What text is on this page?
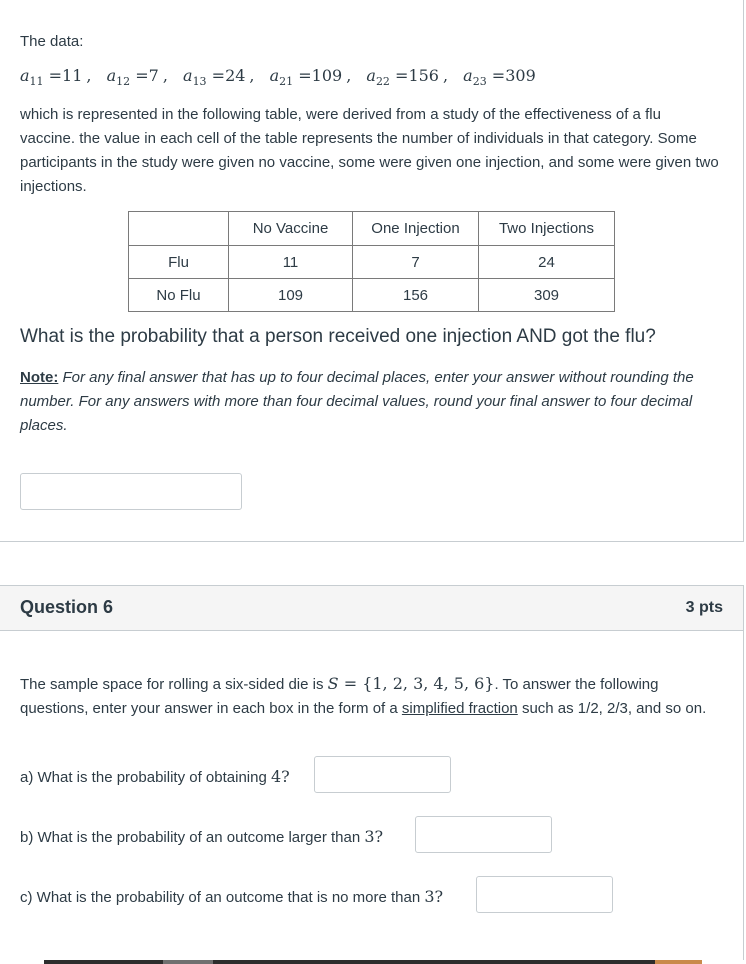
The data:
$a_{11} =11$ , $a_{12} =7$ , $a_{13} =24$ , $a_{21} =109$ , $a_{22} =156$ , $a_{23} =309$
which is represented in the following table, were derived from a study of the effectiveness of a flu vaccine. the value in each cell of the table represents the number of individuals in that category. Some participants in the study were given no vaccine, some were given one injection, and some were given two injections.
	No Vaccine	One Injection	Two Injections
Flu	11	7	24
No Flu	109	156	309
What is the probability that a person received one injection AND got the flu?
Note: For any final answer that has up to four decimal places, enter your answer without rounding the number. For any answers with more than four decimal values, round your final answer to four decimal places.
Question 6	3 pts
The sample space for rolling a six-sided die is S = {1, 2, 3, 4, 5, 6}. To answer the following questions, enter your answer in each box in the form of a simplified fraction such as 1/2, 2/3, and so on.
a) What is the probability of obtaining 4?
b) What is the probability of an outcome larger than 3?
c) What is the probability of an outcome that is no more than 3?
